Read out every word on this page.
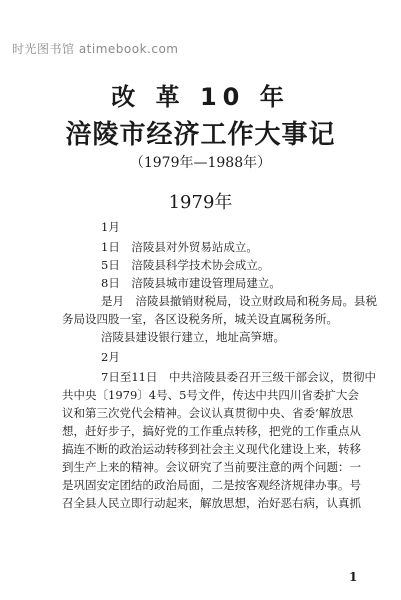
时光图书馆 atimebook.com
改 革 10 年
涪陵市经济工作大事记
（1979年—1988年）
1979年
1月
1日　涪陵县对外贸易站成立。
5日　涪陵县科学技术协会成立。
8日　涪陵县城市建设管理局建立。
是月　涪陵县撤销财税局，设立财政局和税务局。县税
务局设四股一室，各区设税务所，城关设直属税务所。
涪陵县建设银行建立，地址高笋塘。
2月
7日至11日　中共涪陵县委召开三级干部会议，贯彻中
共中央〔1979〕4号、5号文件，传达中共四川省委扩大会
议和第三次党代会精神。会议认真贯彻中央、省委‘解放思
想，赶好步子，搞好党的工作重点转移，把党的工作重点从
搞连不断的政治运动转移到社会主义现代化建设上来，转移
到生产上来的精神。会议研究了当前要注意的两个问题：一
是巩固安定团结的政治局面，二是按客观经济规律办事。号
召全县人民立即行动起来，解放思想，治好恶右病，认真抓
1
